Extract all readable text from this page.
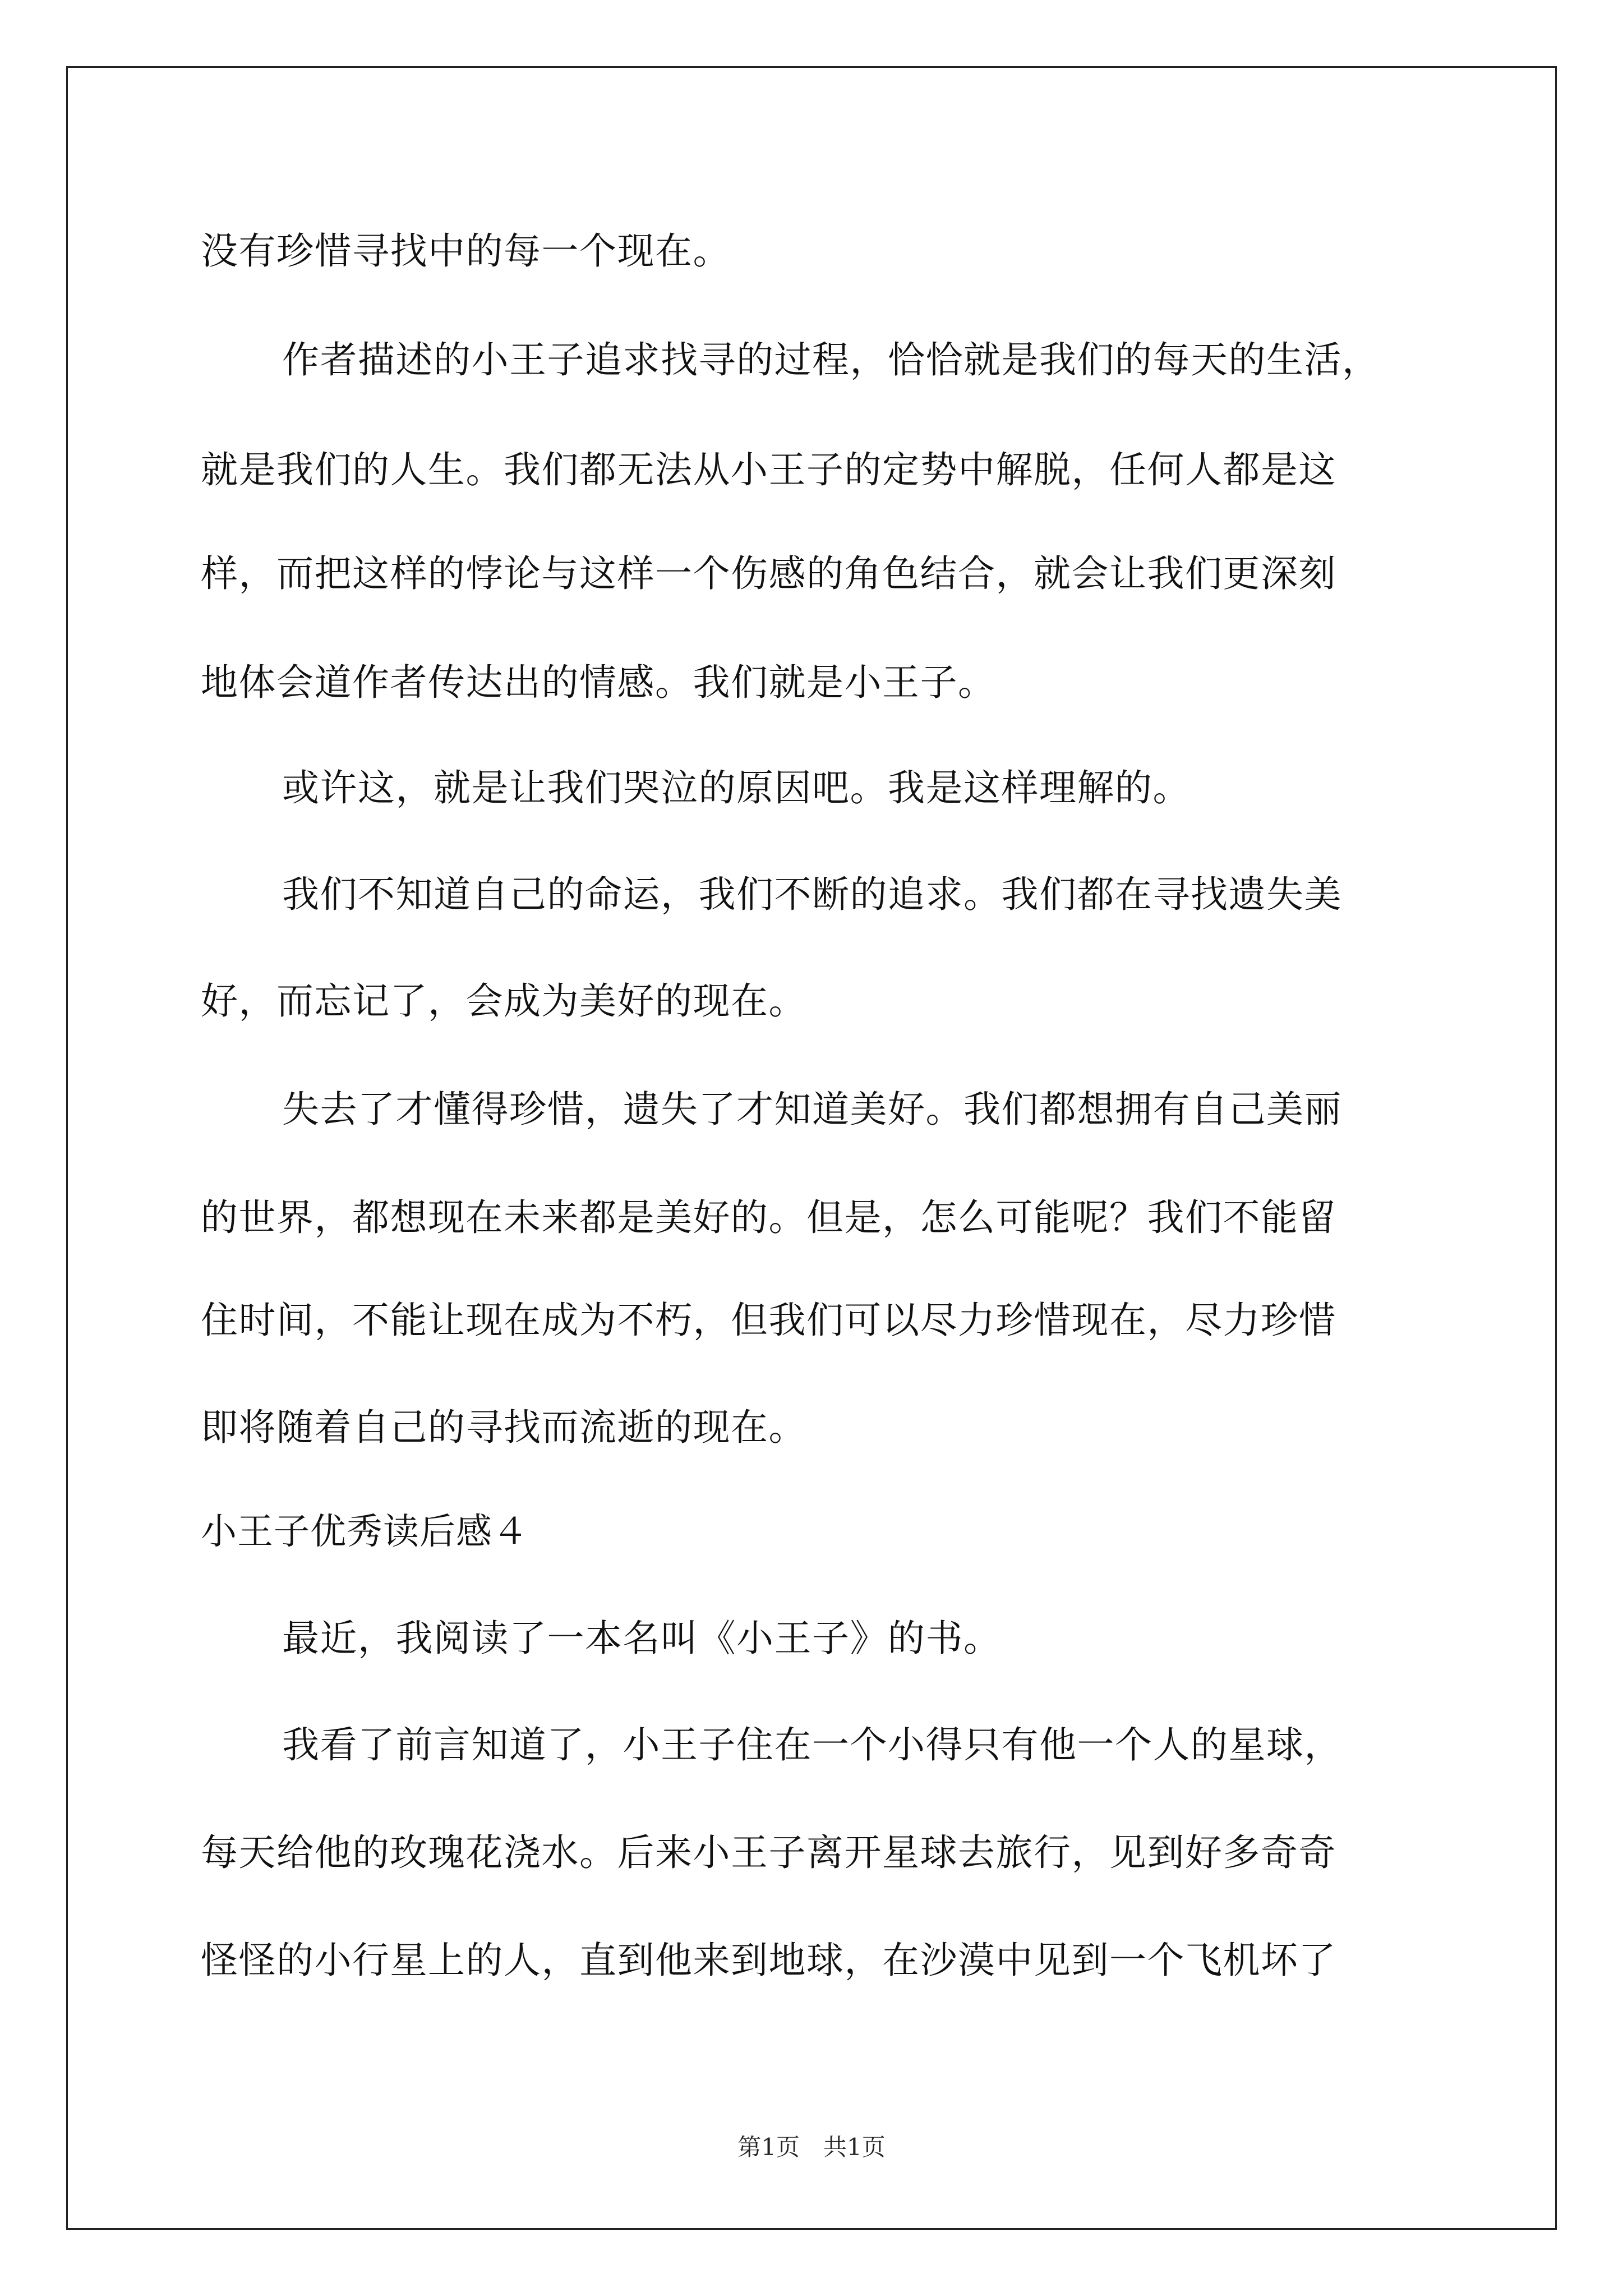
没有珍惜寻找中的每一个现在。
作者描述的小王子追求找寻的过程，恰恰就是我们的每天的生活，
就是我们的人生。我们都无法从小王子的定势中解脱，任何人都是这
样，而把这样的悖论与这样一个伤感的角色结合，就会让我们更深刻
地体会道作者传达出的情感。我们就是小王子。
或许这，就是让我们哭泣的原因吧。我是这样理解的。
我们不知道自己的命运，我们不断的追求。我们都在寻找遗失美
好，而忘记了，会成为美好的现在。
失去了才懂得珍惜，遗失了才知道美好。我们都想拥有自己美丽
的世界，都想现在未来都是美好的。但是，怎么可能呢？我们不能留
住时间，不能让现在成为不朽，但我们可以尽力珍惜现在，尽力珍惜
即将随着自己的寻找而流逝的现在。
小王子优秀读后感４
最近，我阅读了一本名叫《小王子》的书。
我看了前言知道了，小王子住在一个小得只有他一个人的星球，
每天给他的玫瑰花浇水。后来小王子离开星球去旅行，见到好多奇奇
怪怪的小行星上的人，直到他来到地球，在沙漠中见到一个飞机坏了
第1页　共1页
